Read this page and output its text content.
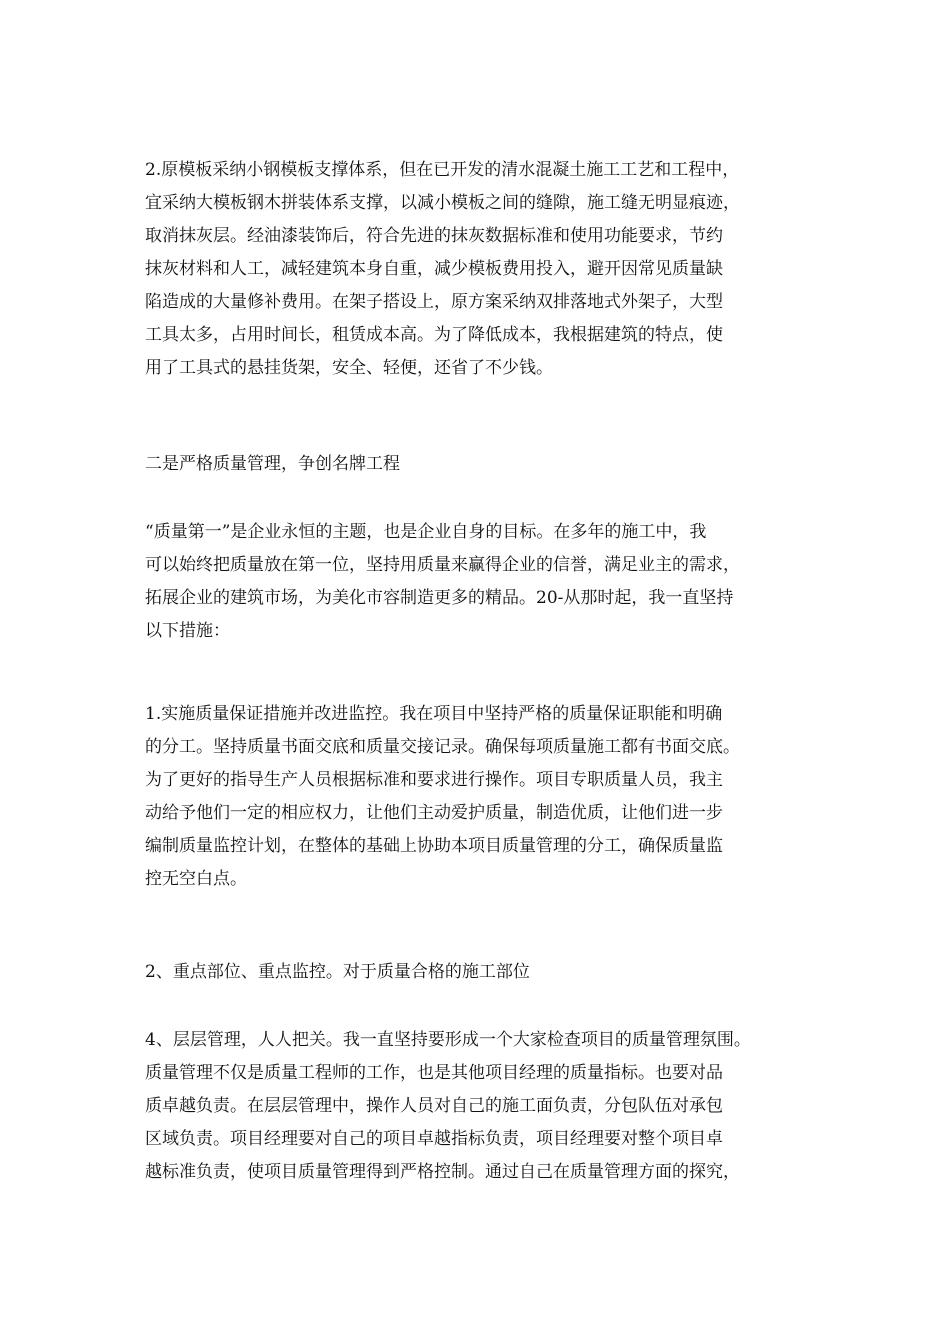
2.原模板采纳小钢模板支撑体系，但在已开发的清水混凝土施工工艺和工程中，
宜采纳大模板钢木拼装体系支撑，以减小模板之间的缝隙，施工缝无明显痕迹，
取消抹灰层。经油漆装饰后，符合先进的抹灰数据标准和使用功能要求，节约
抹灰材料和人工，减轻建筑本身自重，减少模板费用投入，避开因常见质量缺
陷造成的大量修补费用。在架子搭设上，原方案采纳双排落地式外架子，大型
工具太多，占用时间长，租赁成本高。为了降低成本，我根据建筑的特点，使
用了工具式的悬挂货架，安全、轻便，还省了不少钱。
二是严格质量管理，争创名牌工程
“质量第一”是企业永恒的主题，也是企业自身的目标。在多年的施工中，我
可以始终把质量放在第一位，坚持用质量来赢得企业的信誉，满足业主的需求，
拓展企业的建筑市场，为美化市容制造更多的精品。20-从那时起，我一直坚持
以下措施：
1.实施质量保证措施并改进监控。我在项目中坚持严格的质量保证职能和明确
的分工。坚持质量书面交底和质量交接记录。确保每项质量施工都有书面交底。
为了更好的指导生产人员根据标准和要求进行操作。项目专职质量人员，我主
动给予他们一定的相应权力，让他们主动爱护质量，制造优质，让他们进一步
编制质量监控计划，在整体的基础上协助本项目质量管理的分工，确保质量监
控无空白点。
2、重点部位、重点监控。对于质量合格的施工部位
4、层层管理，人人把关。我一直坚持要形成一个大家检查项目的质量管理氛围。
质量管理不仅是质量工程师的工作，也是其他项目经理的质量指标。也要对品
质卓越负责。在层层管理中，操作人员对自己的施工面负责，分包队伍对承包
区域负责。项目经理要对自己的项目卓越指标负责，项目经理要对整个项目卓
越标准负责，使项目质量管理得到严格控制。通过自己在质量管理方面的探究，
